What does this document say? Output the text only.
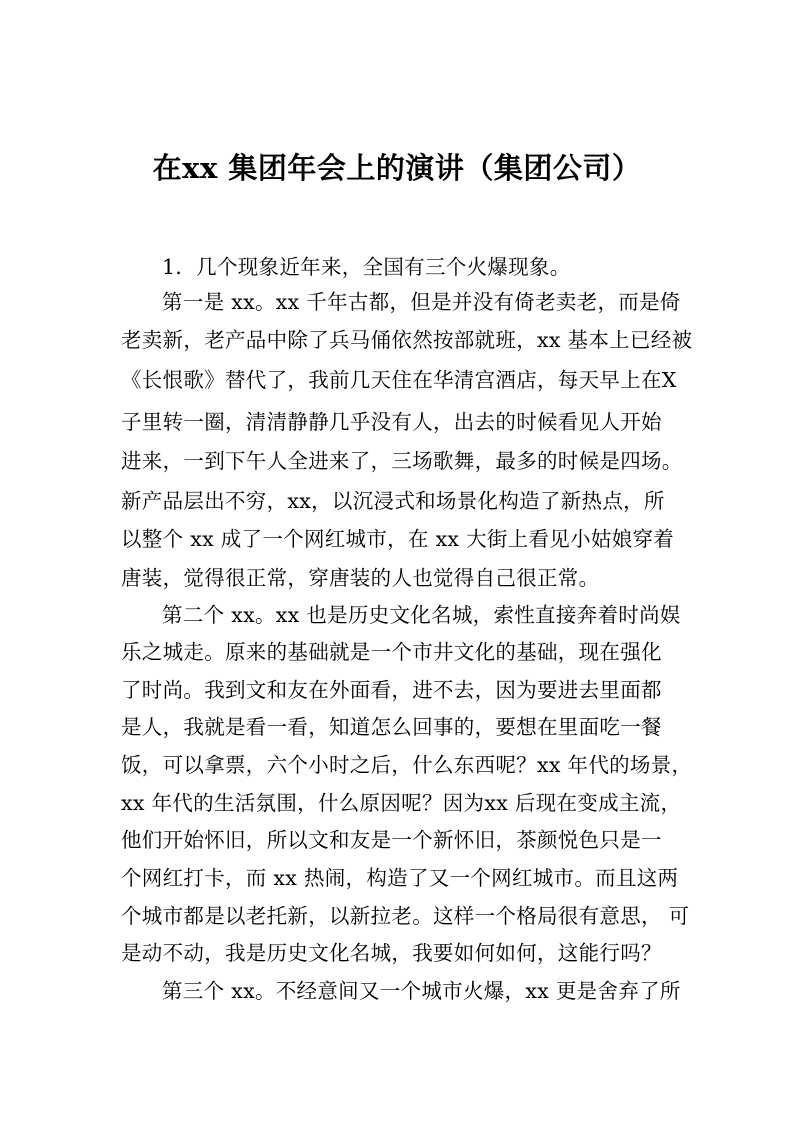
在xx 集团年会上的演讲（集团公司）
1．几个现象近年来，全国有三个火爆现象。
第一是 xx。xx 千年古都，但是并没有倚老卖老，而是倚
老卖新，老产品中除了兵马俑依然按部就班，xx 基本上已经被
《长恨歌》替代了，我前几天住在华清宫酒店，每天早上在X
子里转一圈，清清静静几乎没有人，出去的时候看见人开始
进来，一到下午人全进来了，三场歌舞，最多的时候是四场。
新产品层出不穷，xx，以沉浸式和场景化构造了新热点，所
以整个 xx 成了一个网红城市，在 xx 大街上看见小姑娘穿着
唐装，觉得很正常，穿唐装的人也觉得自己很正常。
第二个 xx。xx 也是历史文化名城，索性直接奔着时尚娱
乐之城走。原来的基础就是一个市井文化的基础，现在强化
了时尚。我到文和友在外面看，进不去，因为要进去里面都
是人，我就是看一看，知道怎么回事的，要想在里面吃一餐
饭，可以拿票，六个小时之后，什么东西呢？xx 年代的场景，
xx 年代的生活氛围，什么原因呢？因为xx 后现在变成主流，
他们开始怀旧，所以文和友是一个新怀旧，茶颜悦色只是一
个网红打卡，而 xx 热闹，构造了又一个网红城市。而且这两
个城市都是以老托新，以新拉老。这样一个格局很有意思， 可
是动不动，我是历史文化名城，我要如何如何，这能行吗？
第三个 xx。不经意间又一个城市火爆，xx 更是舍弃了所
